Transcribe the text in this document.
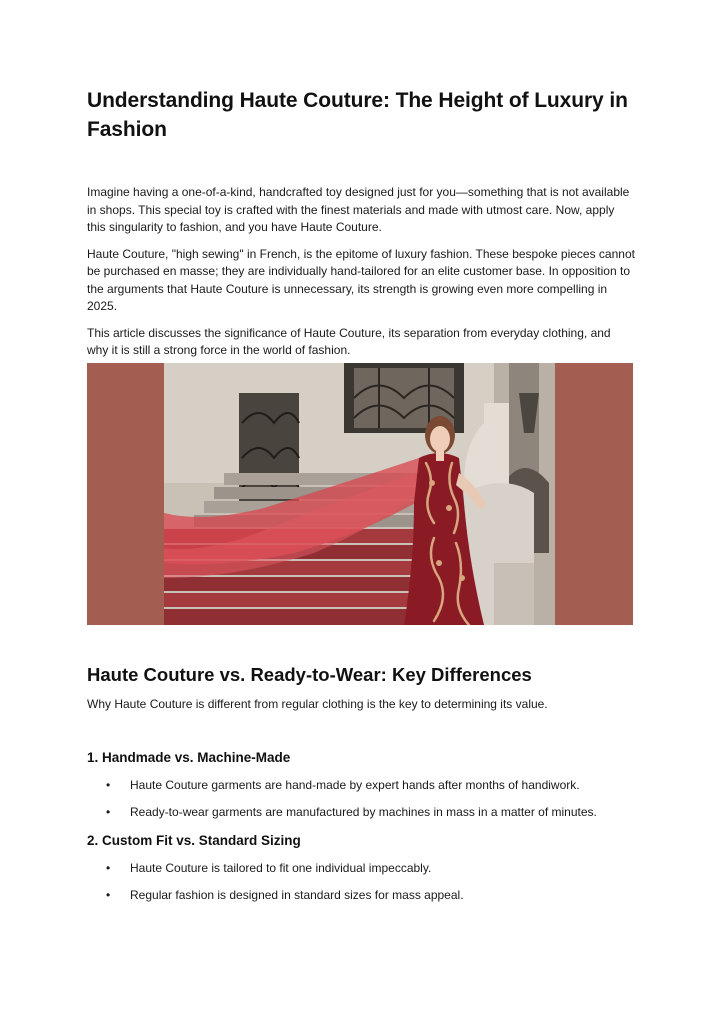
Understanding Haute Couture: The Height of Luxury in Fashion

Imagine having a one-of-a-kind, handcrafted toy designed just for you—something that is not available in shops. This special toy is crafted with the finest materials and made with utmost care. Now, apply this singularity to fashion, and you have Haute Couture.

Haute Couture, "high sewing" in French, is the epitome of luxury fashion. These bespoke pieces cannot be purchased en masse; they are individually hand-tailored for an elite customer base. In opposition to the arguments that Haute Couture is unnecessary, its strength is growing even more compelling in 2025.

This article discusses the significance of Haute Couture, its separation from everyday clothing, and why it is still a strong force in the world of fashion.

Haute Couture vs. Ready-to-Wear: Key Differences

Why Haute Couture is different from regular clothing is the key to determining its value.

1. Handmade vs. Machine-Made
• Haute Couture garments are hand-made by expert hands after months of handiwork.
• Ready-to-wear garments are manufactured by machines in mass in a matter of minutes.
2. Custom Fit vs. Standard Sizing
• Haute Couture is tailored to fit one individual impeccably.
• Regular fashion is designed in standard sizes for mass appeal.
